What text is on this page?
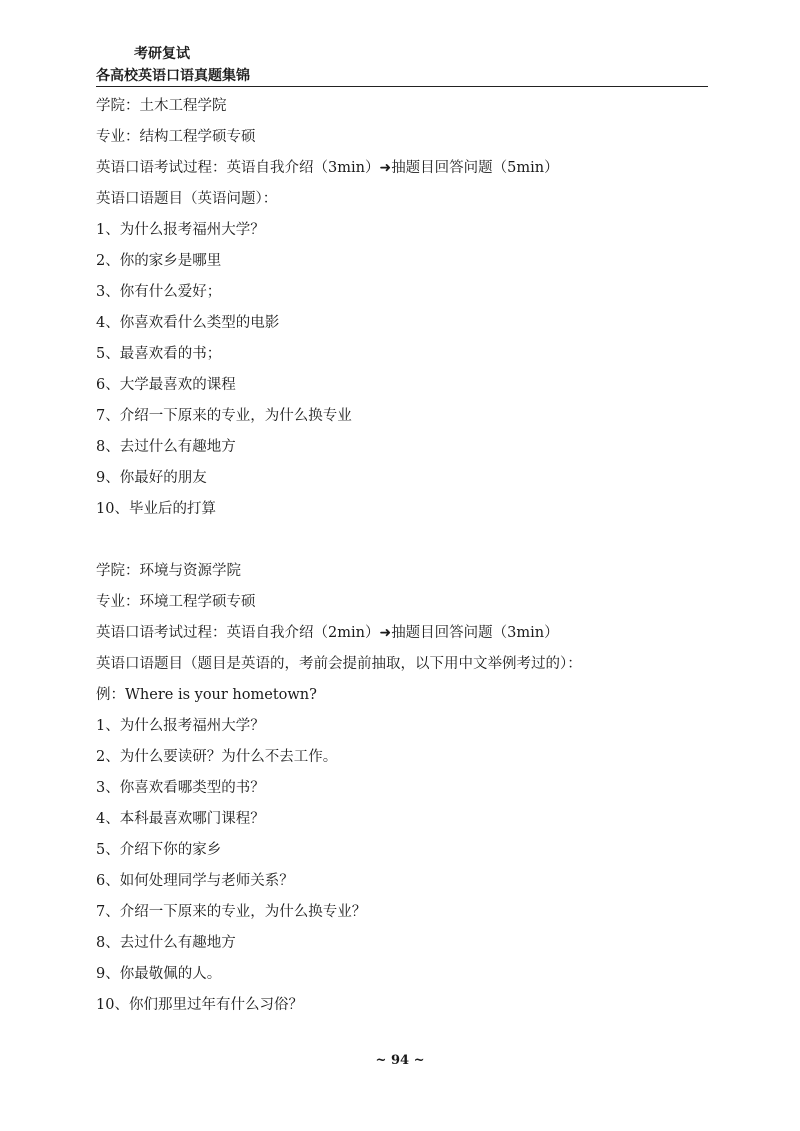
考研复试
各高校英语口语真题集锦
学院：土木工程学院
专业：结构工程学硕专硕
英语口语考试过程：英语自我介绍（3min）➜抽题目回答问题（5min）
英语口语题目（英语问题）：
1、为什么报考福州大学？
2、你的家乡是哪里
3、你有什么爱好；
4、你喜欢看什么类型的电影
5、最喜欢看的书；
6、大学最喜欢的课程
7、介绍一下原来的专业，为什么换专业
8、去过什么有趣地方
9、你最好的朋友
10、毕业后的打算
学院：环境与资源学院
专业：环境工程学硕专硕
英语口语考试过程：英语自我介绍（2min）➜抽题目回答问题（3min）
英语口语题目（题目是英语的，考前会提前抽取，以下用中文举例考过的）：
例：Where is your hometown?
1、为什么报考福州大学？
2、为什么要读研？为什么不去工作。
3、你喜欢看哪类型的书？
4、本科最喜欢哪门课程？
5、介绍下你的家乡
6、如何处理同学与老师关系？
7、介绍一下原来的专业，为什么换专业？
8、去过什么有趣地方
9、你最敬佩的人。
10、你们那里过年有什么习俗？
~ 94 ~
